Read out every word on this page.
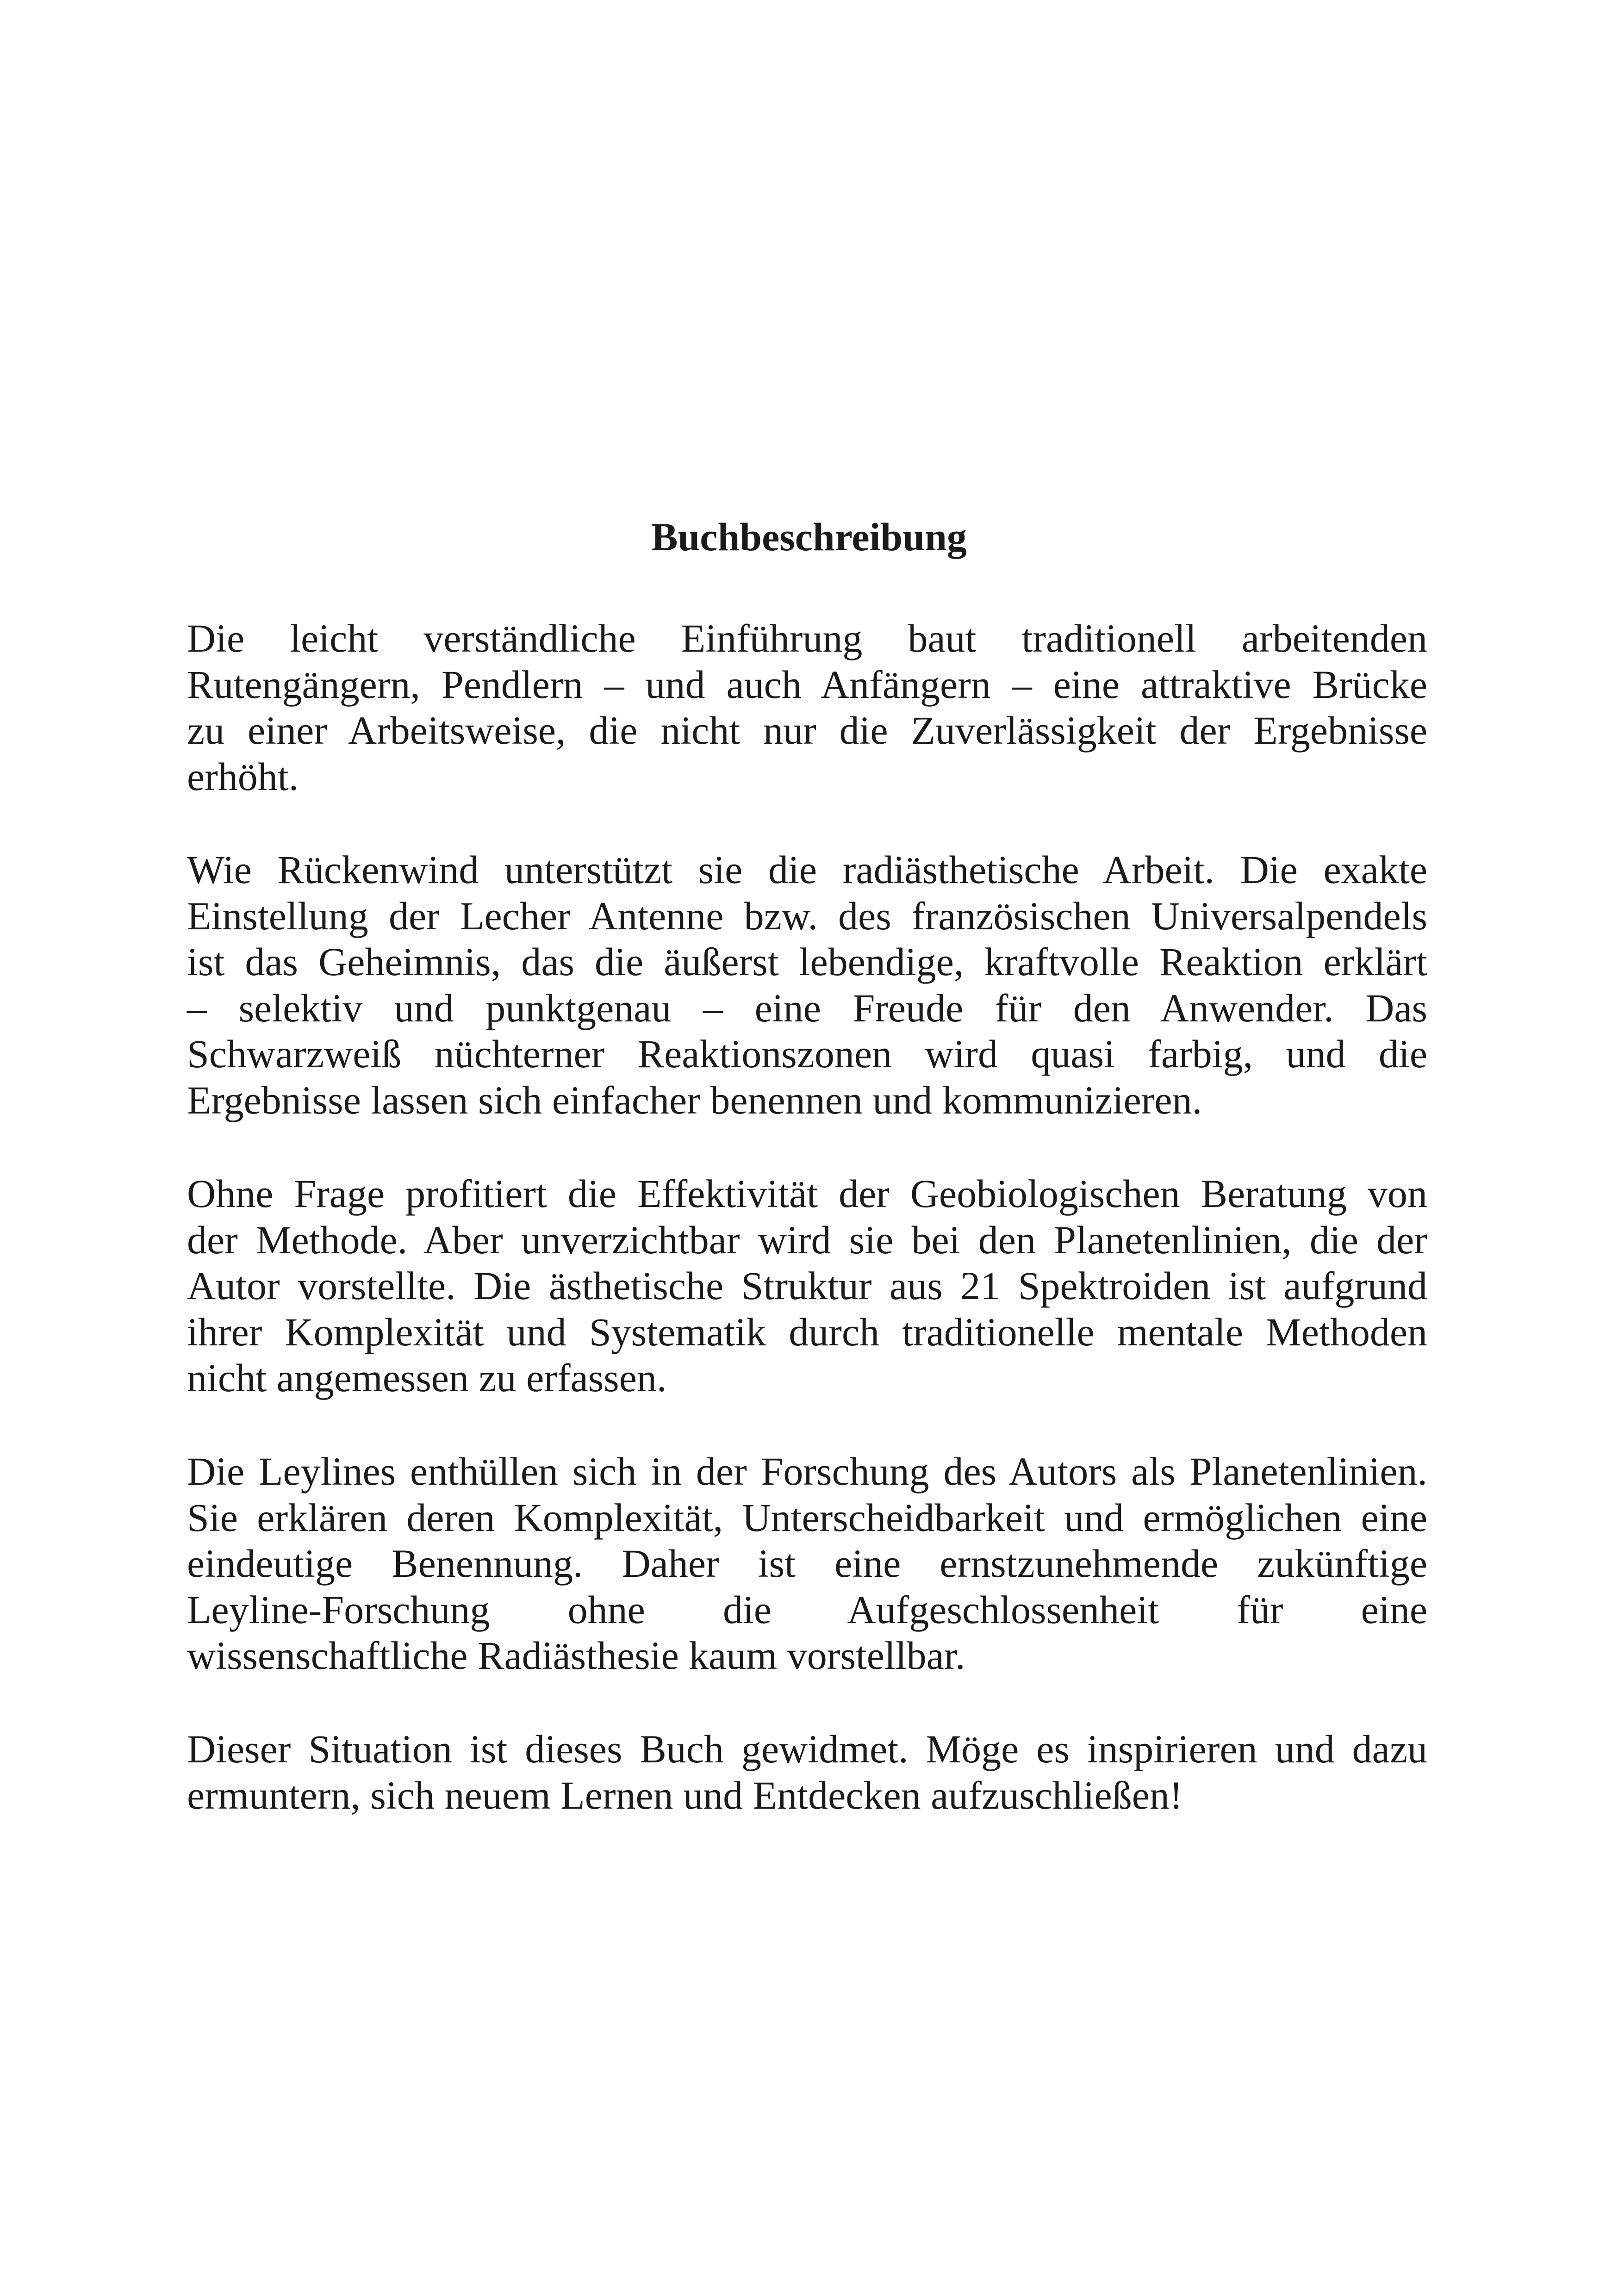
Buchbeschreibung
Die leicht verständliche Einführung baut traditionell arbeitenden
Rutengängern, Pendlern – und auch Anfängern – eine attraktive Brücke
zu einer Arbeitsweise, die nicht nur die Zuverlässigkeit der Ergebnisse
erhöht.
Wie Rückenwind unterstützt sie die radiästhetische Arbeit. Die exakte
Einstellung der Lecher Antenne bzw. des französischen Universalpendels
ist das Geheimnis, das die äußerst lebendige, kraftvolle Reaktion erklärt
– selektiv und punktgenau – eine Freude für den Anwender. Das
Schwarzweiß nüchterner Reaktionszonen wird quasi farbig, und die
Ergebnisse lassen sich einfacher benennen und kommunizieren.
Ohne Frage profitiert die Effektivität der Geobiologischen Beratung von
der Methode. Aber unverzichtbar wird sie bei den Planetenlinien, die der
Autor vorstellte. Die ästhetische Struktur aus 21 Spektroiden ist aufgrund
ihrer Komplexität und Systematik durch traditionelle mentale Methoden
nicht angemessen zu erfassen.
Die Leylines enthüllen sich in der Forschung des Autors als Planetenlinien.
Sie erklären deren Komplexität, Unterscheidbarkeit und ermöglichen eine
eindeutige Benennung. Daher ist eine ernstzunehmende zukünftige
Leyline-Forschung ohne die Aufgeschlossenheit für eine
wissenschaftliche Radiästhesie kaum vorstellbar.
Dieser Situation ist dieses Buch gewidmet. Möge es inspirieren und dazu
ermuntern, sich neuem Lernen und Entdecken aufzuschließen!
